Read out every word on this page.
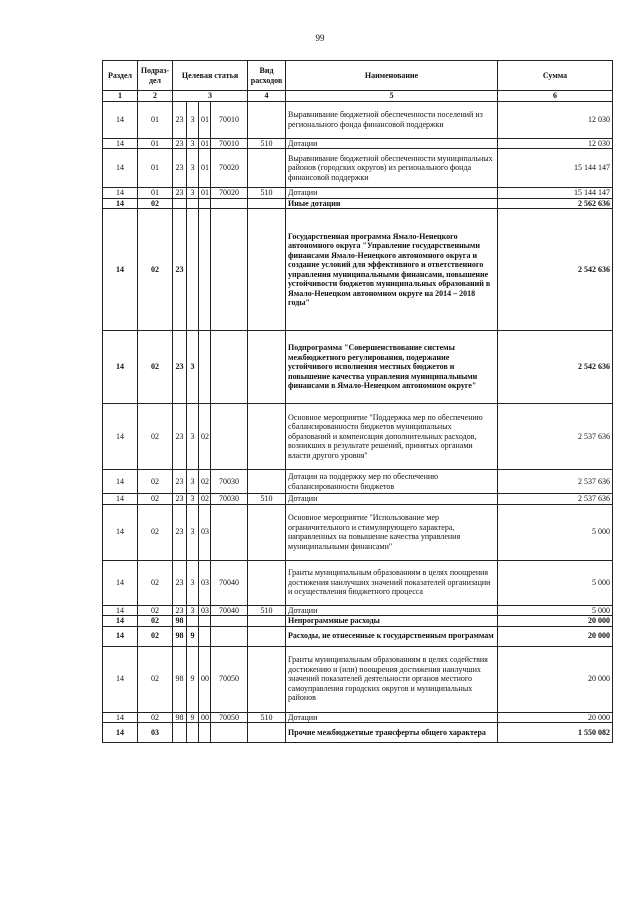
99
Раздел	Подраз-дел	Целевая статья				Вид расходов	Наименование	Сумма
1	2	3				4	5	6
14	01	23	3	01	70010		Выравнивание бюджетной обеспеченности поселений из регионального фонда финансовой поддержки	12 030
14	01	23	3	01	70010	510	Дотации	12 030
14	01	23	3	01	70020		Выравнивание бюджетной обеспеченности муниципальных районов (городских округов) из регионального фонда финансовой поддержки	15 144 147
14	01	23	3	01	70020	510	Дотации	15 144 147
14	02						Иные дотации	2 562 636
14	02	23					Государственная программа Ямало-Ненецкого автономного округа "Управление государственными финансами Ямало-Ненецкого автономного округа и создание условий для эффективного и ответственного управления муниципальными финансами, повышение устойчивости бюджетов муниципальных образований в Ямало-Ненецком автономном округе на 2014 – 2018 годы"	2 542 636
14	02	23	3				Подпрограмма "Совершенствование системы межбюджетного регулирования, подержание устойчивого исполнения местных бюджетов и повышение качества управления муниципальными финансами в Ямало-Ненецком автономном округе"	2 542 636
14	02	23	3	02			Основное мероприятие "Поддержка мер по обеспечению сбалансированности бюджетов муниципальных образований и компенсация дополнительных расходов, возникших в результате решений, принятых органами власти другого уровня"	2 537 636
14	02	23	3	02	70030		Дотации на поддержку мер по обеспечению сбалансированности бюджетов	2 537 636
14	02	23	3	02	70030	510	Дотации	2 537 636
14	02	23	3	03			Основное мероприятие "Использование мер ограничительного и стимулирующего характера, направленных на повышение качества управления муниципальными финансами"	5 000
14	02	23	3	03	70040		Гранты муниципальным образованиям в целях поощрения достижения наилучших значений показателей организации и осуществления бюджетного процесса	5 000
14	02	23	3	03	70040	510	Дотации	5 000
14	02	98					Непрограммные расходы	20 000
14	02	98	9				Расходы, не отнесенные к государственным программам	20 000
14	02	98	9	00	70050		Гранты муниципальным образованиям в целях содействия достижению и (или) поощрения достижения наилучших значений показателей деятельности органов местного самоуправления городских округов и муниципальных районов	20 000
14	02	98	9	00	70050	510	Дотации	20 000
14	03						Прочие межбюджетные трансферты общего характера	1 550 082
